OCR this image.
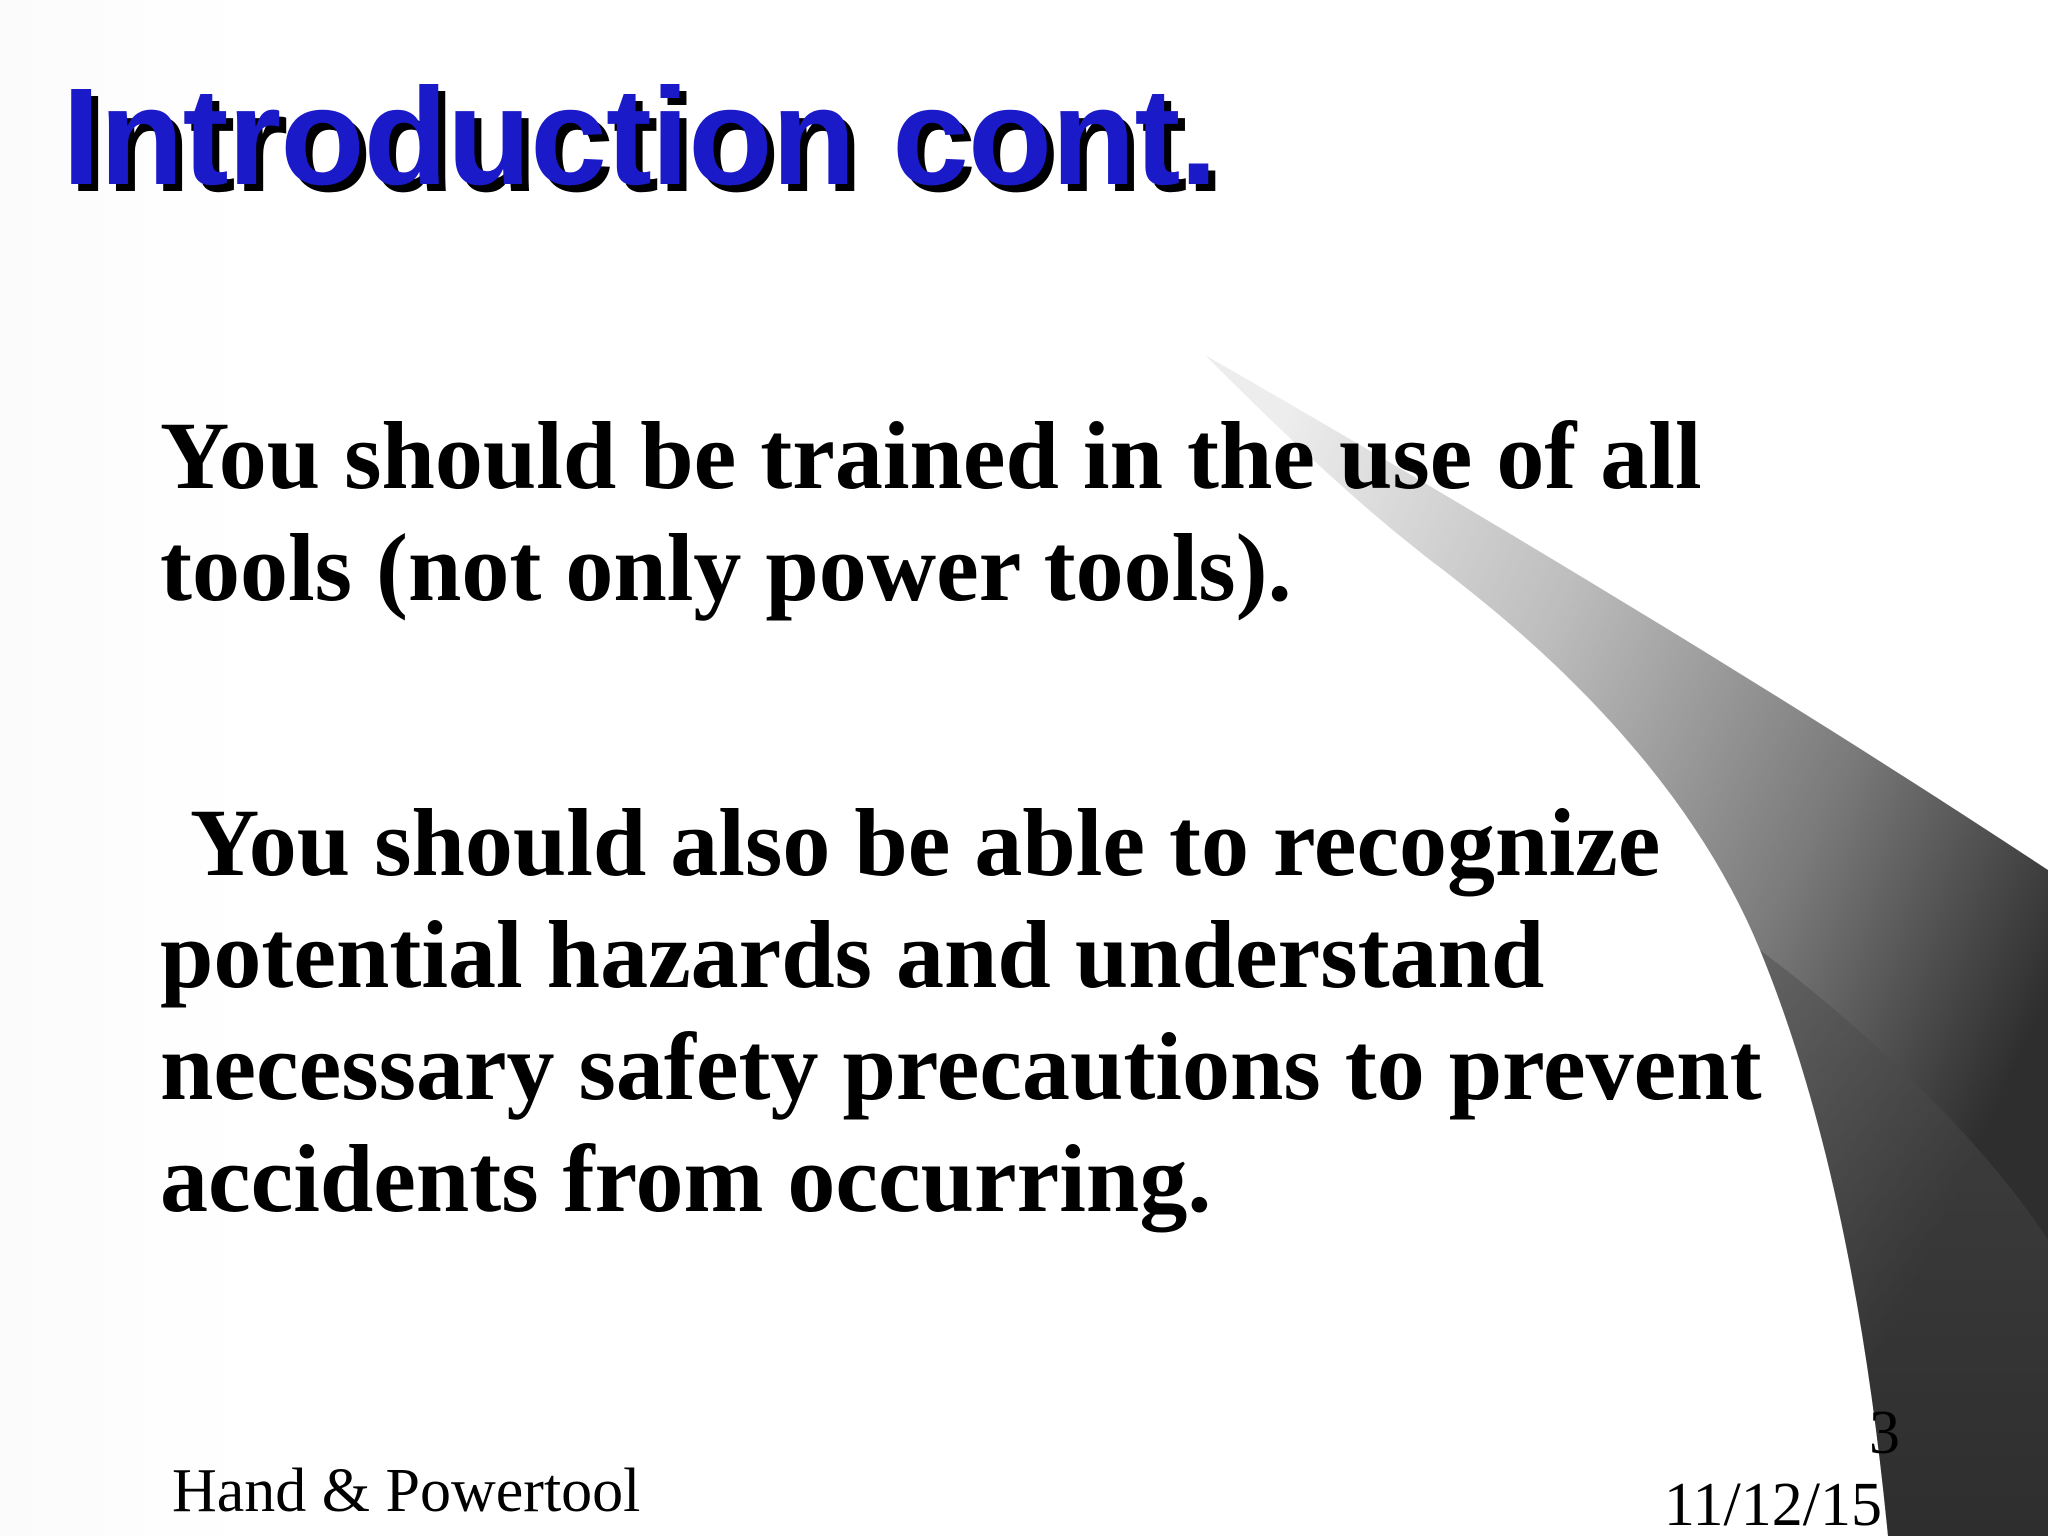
Introduction cont.
You should be trained in the use of all
tools (not only power tools).
You should also be able to recognize
potential hazards and understand
necessary safety precautions to prevent
accidents from occurring.
Hand & Powertool
3
11/12/15
